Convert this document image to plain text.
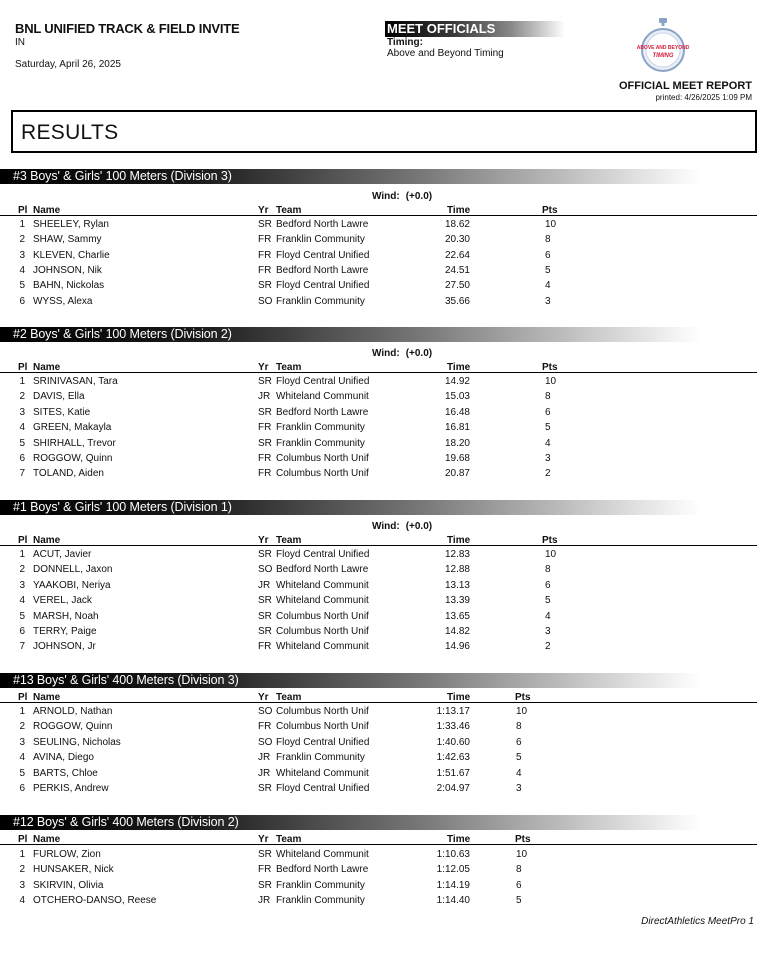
BNL UNIFIED TRACK & FIELD INVITE
IN
Saturday, April 26, 2025
MEET OFFICIALS
Timing:
Above and Beyond Timing	ABOVE AND BEYOND
TIMING
OFFICIAL MEET REPORT
printed: 4/26/2025 1:09 PM
RESULTS
#3 Boys' & Girls' 100 Meters (Division 3)
Wind: (+0.0)
Pl Name	Yr Team	Time	Pts
1 SHEELEY, Rylan	SR Bedford North Lawre	18.62	10
2 SHAW, Sammy	FR Franklin Community	20.30	8
3 KLEVEN, Charlie	FR Floyd Central Unified	22.64	6
4 JOHNSON, Nik	FR Bedford North Lawre	24.51	5
5 BAHN, Nickolas	SR Floyd Central Unified	27.50	4
6 WYSS, Alexa	SO Franklin Community	35.66	3
#2 Boys' & Girls' 100 Meters (Division 2)
Wind: (+0.0)
Pl Name	Yr Team	Time	Pts
1 SRINIVASAN, Tara	SR Floyd Central Unified	14.92	10
2 DAVIS, Ella	JR Whiteland Communit	15.03	8
3 SITES, Katie	SR Bedford North Lawre	16.48	6
4 GREEN, Makayla	FR Franklin Community	16.81	5
5 SHIRHALL, Trevor	SR Franklin Community	18.20	4
6 ROGGOW, Quinn	FR Columbus North Unif	19.68	3
7 TOLAND, Aiden	FR Columbus North Unif	20.87	2
#1 Boys' & Girls' 100 Meters (Division 1)
Wind: (+0.0)
Pl Name	Yr Team	Time	Pts
1 ACUT, Javier	SR Floyd Central Unified	12.83	10
2 DONNELL, Jaxon	SO Bedford North Lawre	12.88	8
3 YAAKOBI, Neriya	JR Whiteland Communit	13.13	6
4 VEREL, Jack	SR Whiteland Communit	13.39	5
5 MARSH, Noah	SR Columbus North Unif	13.65	4
6 TERRY, Paige	SR Columbus North Unif	14.82	3
7 JOHNSON, Jr	FR Whiteland Communit	14.96	2
#13 Boys' & Girls' 400 Meters (Division 3)
Pl Name	Yr Team	Time	Pts
1 ARNOLD, Nathan	SO Columbus North Unif	1:13.17	10
2 ROGGOW, Quinn	FR Columbus North Unif	1:33.46	8
3 SEULING, Nicholas	SO Floyd Central Unified	1:40.60	6
4 AVINA, Diego	JR Franklin Community	1:42.63	5
5 BARTS, Chloe	JR Whiteland Communit	1:51.67	4
6 PERKIS, Andrew	SR Floyd Central Unified	2:04.97	3
#12 Boys' & Girls' 400 Meters (Division 2)
Pl Name	Yr Team	Time	Pts
1 FURLOW, Zion	SR Whiteland Communit	1:10.63	10
2 HUNSAKER, Nick	FR Bedford North Lawre	1:12.05	8
3 SKIRVIN, Olivia	SR Franklin Community	1:14.19	6
4 OTCHERO-DANSO, Reese	JR Franklin Community	1:14.40	5
DirectAthletics MeetPro 1
